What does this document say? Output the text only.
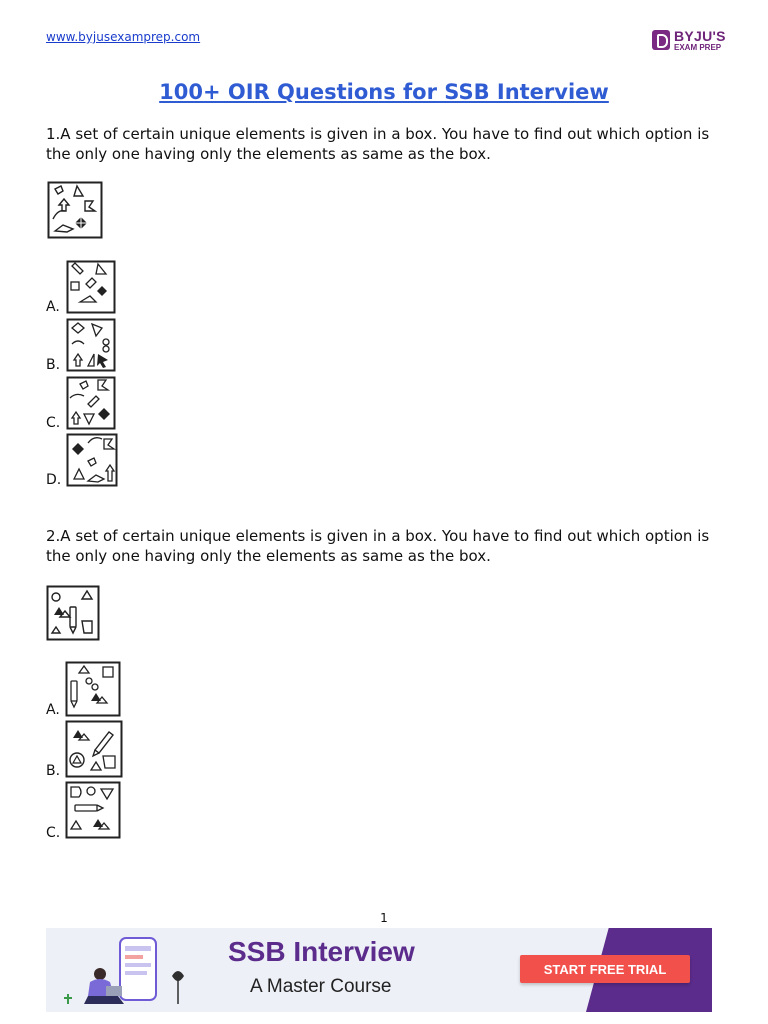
www.byjusexamprep.com	BYJU'S
EXAM PREP
100+ OIR Questions for SSB Interview
1.A set of certain unique elements is given in a box. You have to find out which option is the only one having only the elements as same as the box.
A.
B.
C.
D.
2.A set of certain unique elements is given in a box. You have to find out which option is the only one having only the elements as same as the box.
A.
B.
C.
1
SSB Interview
A Master Course
START FREE TRIAL
